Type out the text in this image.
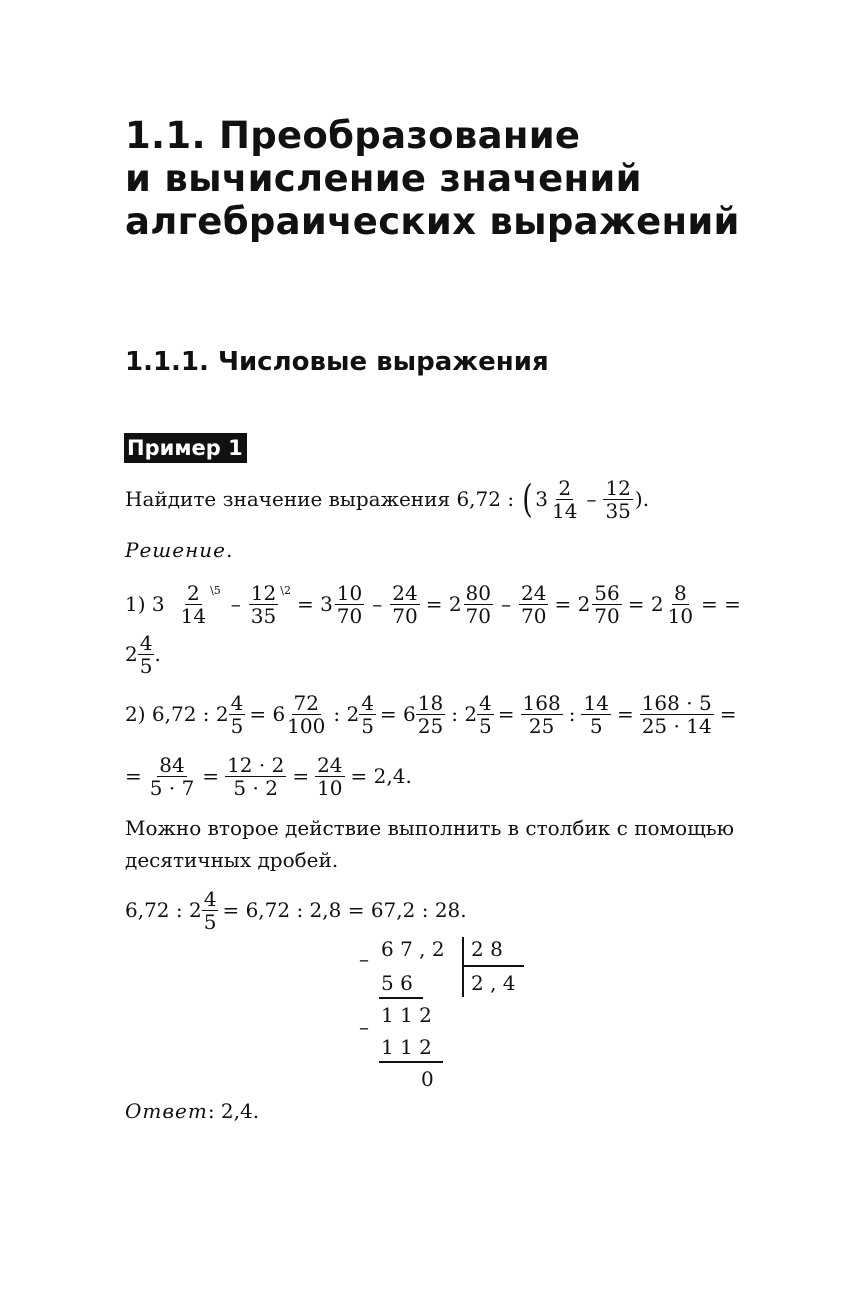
1.1. Преобразование
и вычисление значений
алгебраических выражений
1.1.1. Числовые выражения
Пример 1
Найдите значение выражения 6,72 : ( $3 \frac{2}{14} - \frac{12}{35}$ ).
Решение.
1) $3 \frac{2}{14}$ \5
– $\frac{12}{35}$ \2
= $3 \frac{10}{70} - \frac{24}{70} = 2 \frac{80}{70} - \frac{24}{70} = 2 \frac{56}{70} = 2 \frac{8}{10}$ = =
$2 \frac{4}{5}$ .
2) 6,72 : $2 \frac{4}{5} = 6 \frac{72}{100}$ : $2 \frac{4}{5} = 6 \frac{18}{25}$ : $2 \frac{4}{5} = \frac{168}{25}$ : $\frac{14}{5} = \frac{168 \cdot 5}{25 \cdot 14}$ =
= $\frac{84}{5 \cdot 7} = \frac{12 \cdot 2}{5 \cdot 2} = \frac{24}{10} = 2,4$.
Можно второе действие выполнить в столбик с помощью десятичных дробей.
6,72 : $2 \frac{4}{5} = 6,72$ : 2,8 = 67,2 : 28.
– 6 7 , 2 2 8
2 , 4
5 6
– 1 1 2
1 1 2
0
Ответ : 2,4.
